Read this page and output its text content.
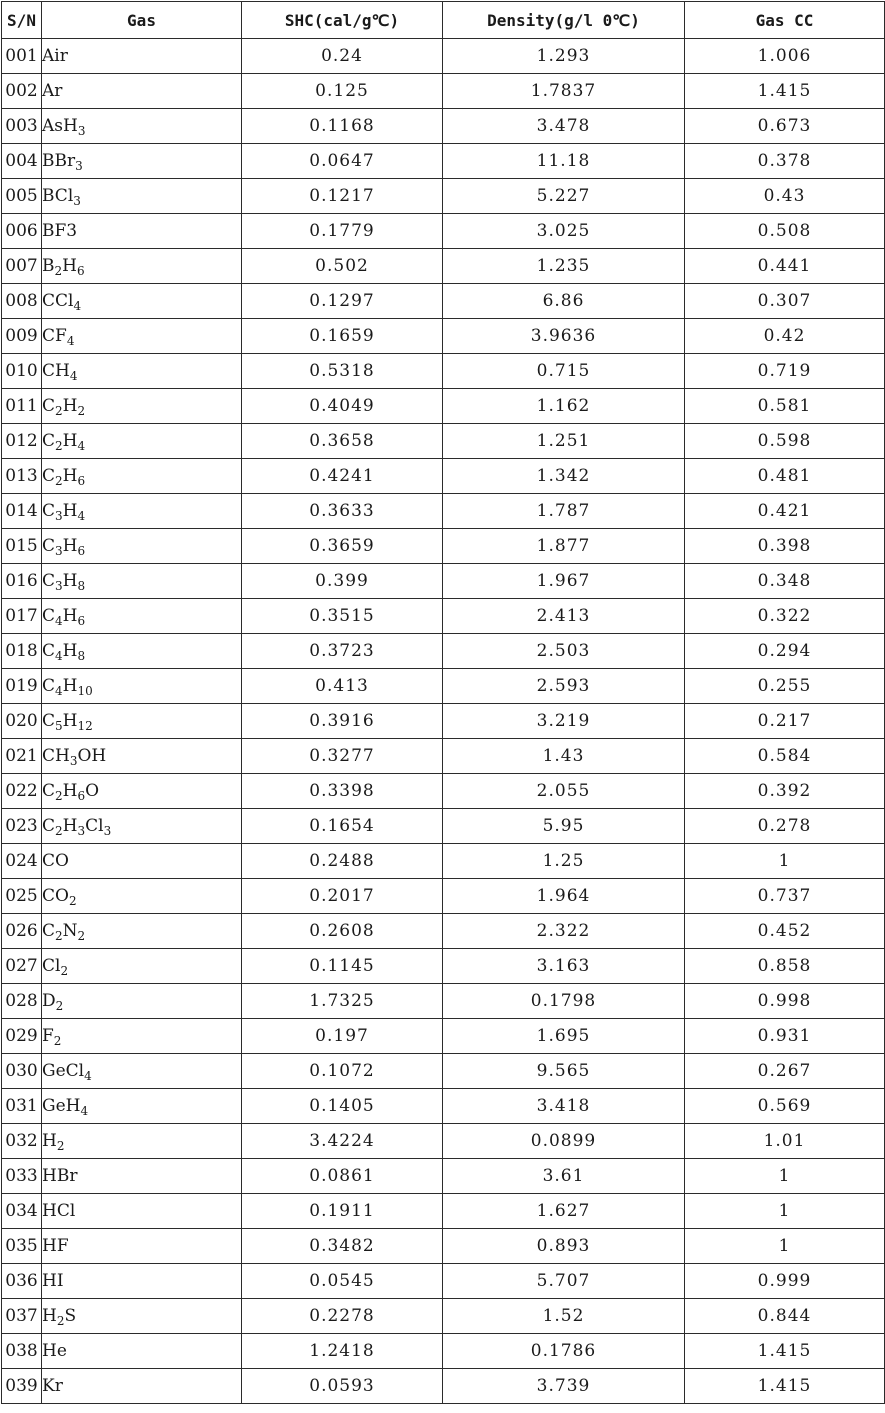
S/N	Gas	SHC(cal/g℃)	Density(g/l 0℃)	Gas CC
001	Air	0.24	1.293	1.006
002	Ar	0.125	1.7837	1.415
003	AsH$_3$	0.1168	3.478	0.673
004	BBr$_3$	0.0647	11.18	0.378
005	BCl$_3$	0.1217	5.227	0.43
006	BF3	0.1779	3.025	0.508
007	$B_2H_6$	0.502	1.235	0.441
008	CCl$_4$	0.1297	6.86	0.307
009	$CF_4$	0.1659	3.9636	0.42
010	$CH_4$	0.5318	0.715	0.719
011	$C_2H_2$	0.4049	1.162	0.581
012	$C_2H_4$	0.3658	1.251	0.598
013	$C_2H_6$	0.4241	1.342	0.481
014	$C_3H_4$	0.3633	1.787	0.421
015	$C_3H_6$	0.3659	1.877	0.398
016	$C_3H_8$	0.399	1.967	0.348
017	$C_4H_6$	0.3515	2.413	0.322
018	$C_4H_8$	0.3723	2.503	0.294
019	$C_4H_{10}$	0.413	2.593	0.255
020	$C_5H_{12}$	0.3916	3.219	0.217
021	$CH_3OH$	0.3277	1.43	0.584
022	$C_2H_6O$	0.3398	2.055	0.392
023	$C_2H_3Cl_3$	0.1654	5.95	0.278
024	CO	0.2488	1.25	1
025	$CO_2$	0.2017	1.964	0.737
026	$C_2N_2$	0.2608	2.322	0.452
027	$Cl_2$	0.1145	3.163	0.858
028	$D_2$	1.7325	0.1798	0.998
029	$F_2$	0.197	1.695	0.931
030	GeCl$_4$	0.1072	9.565	0.267
031	GeH$_4$	0.1405	3.418	0.569
032	$H_2$	3.4224	0.0899	1.01
033	HBr	0.0861	3.61	1
034	HCl	0.1911	1.627	1
035	HF	0.3482	0.893	1
036	HI	0.0545	5.707	0.999
037	$H_2S$	0.2278	1.52	0.844
038	He	1.2418	0.1786	1.415
039	Kr	0.0593	3.739	1.415
